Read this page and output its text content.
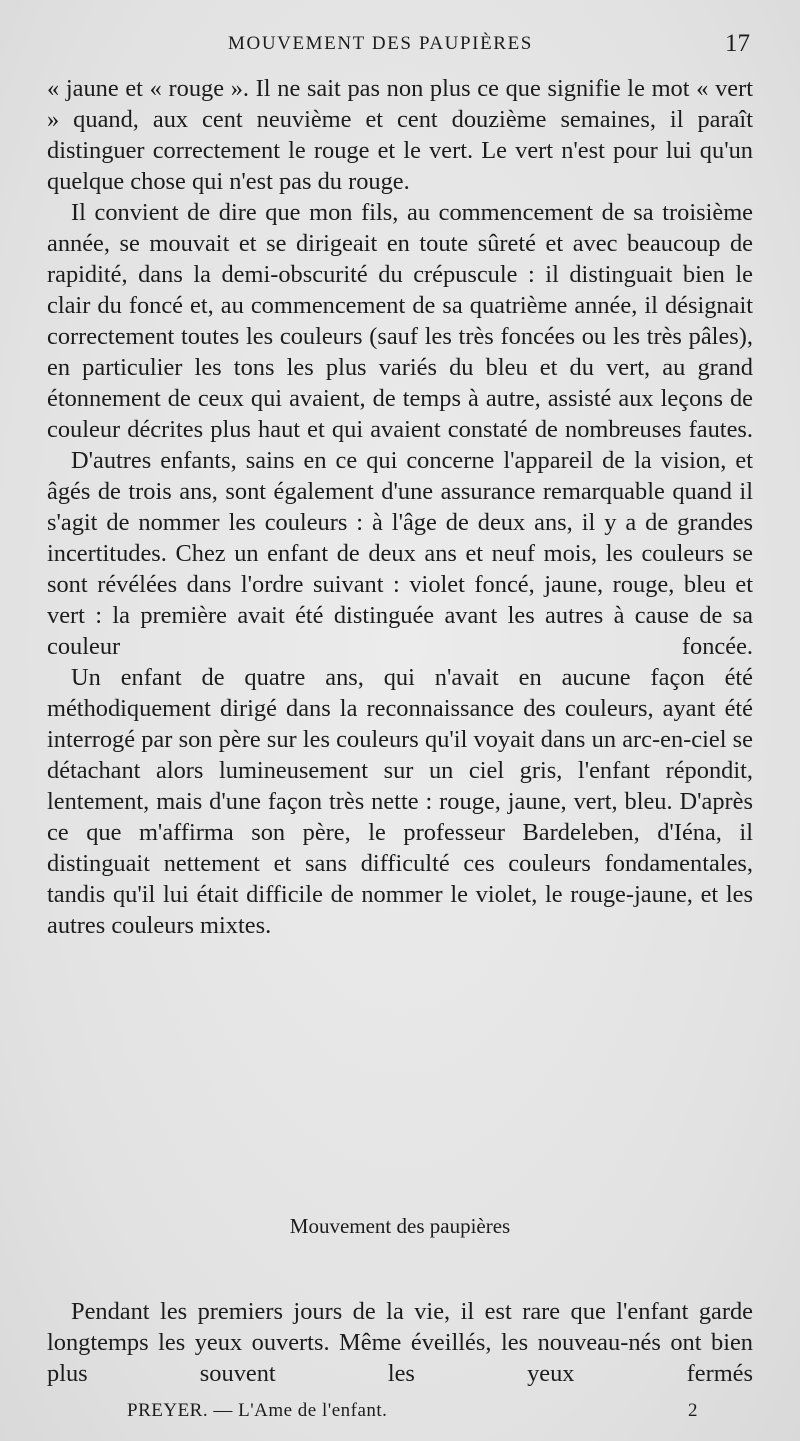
MOUVEMENT DES PAUPIÈRES	17

« jaune et « rouge ». Il ne sait pas non plus ce que signifie le mot « vert » quand, aux cent neuvième et cent douzième semaines, il paraît distinguer correctement le rouge et le vert. Le vert n'est pour lui qu'un quelque chose qui n'est pas du rouge.

Il convient de dire que mon fils, au commencement de sa troisième année, se mouvait et se dirigeait en toute sûreté et avec beaucoup de rapidité, dans la demi-obscurité du crépuscule : il distinguait bien le clair du foncé et, au commencement de sa quatrième année, il désignait correctement toutes les couleurs (sauf les très foncées ou les très pâles), en particulier les tons les plus variés du bleu et du vert, au grand étonnement de ceux qui avaient, de temps à autre, assisté aux leçons de couleur décrites plus haut et qui avaient constaté de nombreuses fautes.

D'autres enfants, sains en ce qui concerne l'appareil de la vision, et âgés de trois ans, sont également d'une assurance remarquable quand il s'agit de nommer les couleurs : à l'âge de deux ans, il y a de grandes incertitudes. Chez un enfant de deux ans et neuf mois, les couleurs se sont révélées dans l'ordre suivant : violet foncé, jaune, rouge, bleu et vert : la première avait été distinguée avant les autres à cause de sa couleur foncée.

Un enfant de quatre ans, qui n'avait en aucune façon été méthodiquement dirigé dans la reconnaissance des couleurs, ayant été interrogé par son père sur les couleurs qu'il voyait dans un arc-en-ciel se détachant alors lumineusement sur un ciel gris, l'enfant répondit, lentement, mais d'une façon très nette : rouge, jaune, vert, bleu. D'après ce que m'affirma son père, le professeur Bardeleben, d'Iéna, il distinguait nettement et sans difficulté ces couleurs fondamentales, tandis qu'il lui était difficile de nommer le violet, le rouge-jaune, et les autres couleurs mixtes.

Mouvement des paupières

Pendant les premiers jours de la vie, il est rare que l'enfant garde longtemps les yeux ouverts. Même éveillés, les nouveau-nés ont bien plus souvent les yeux fermés

PREYER. — L'Ame de l'enfant.	2
